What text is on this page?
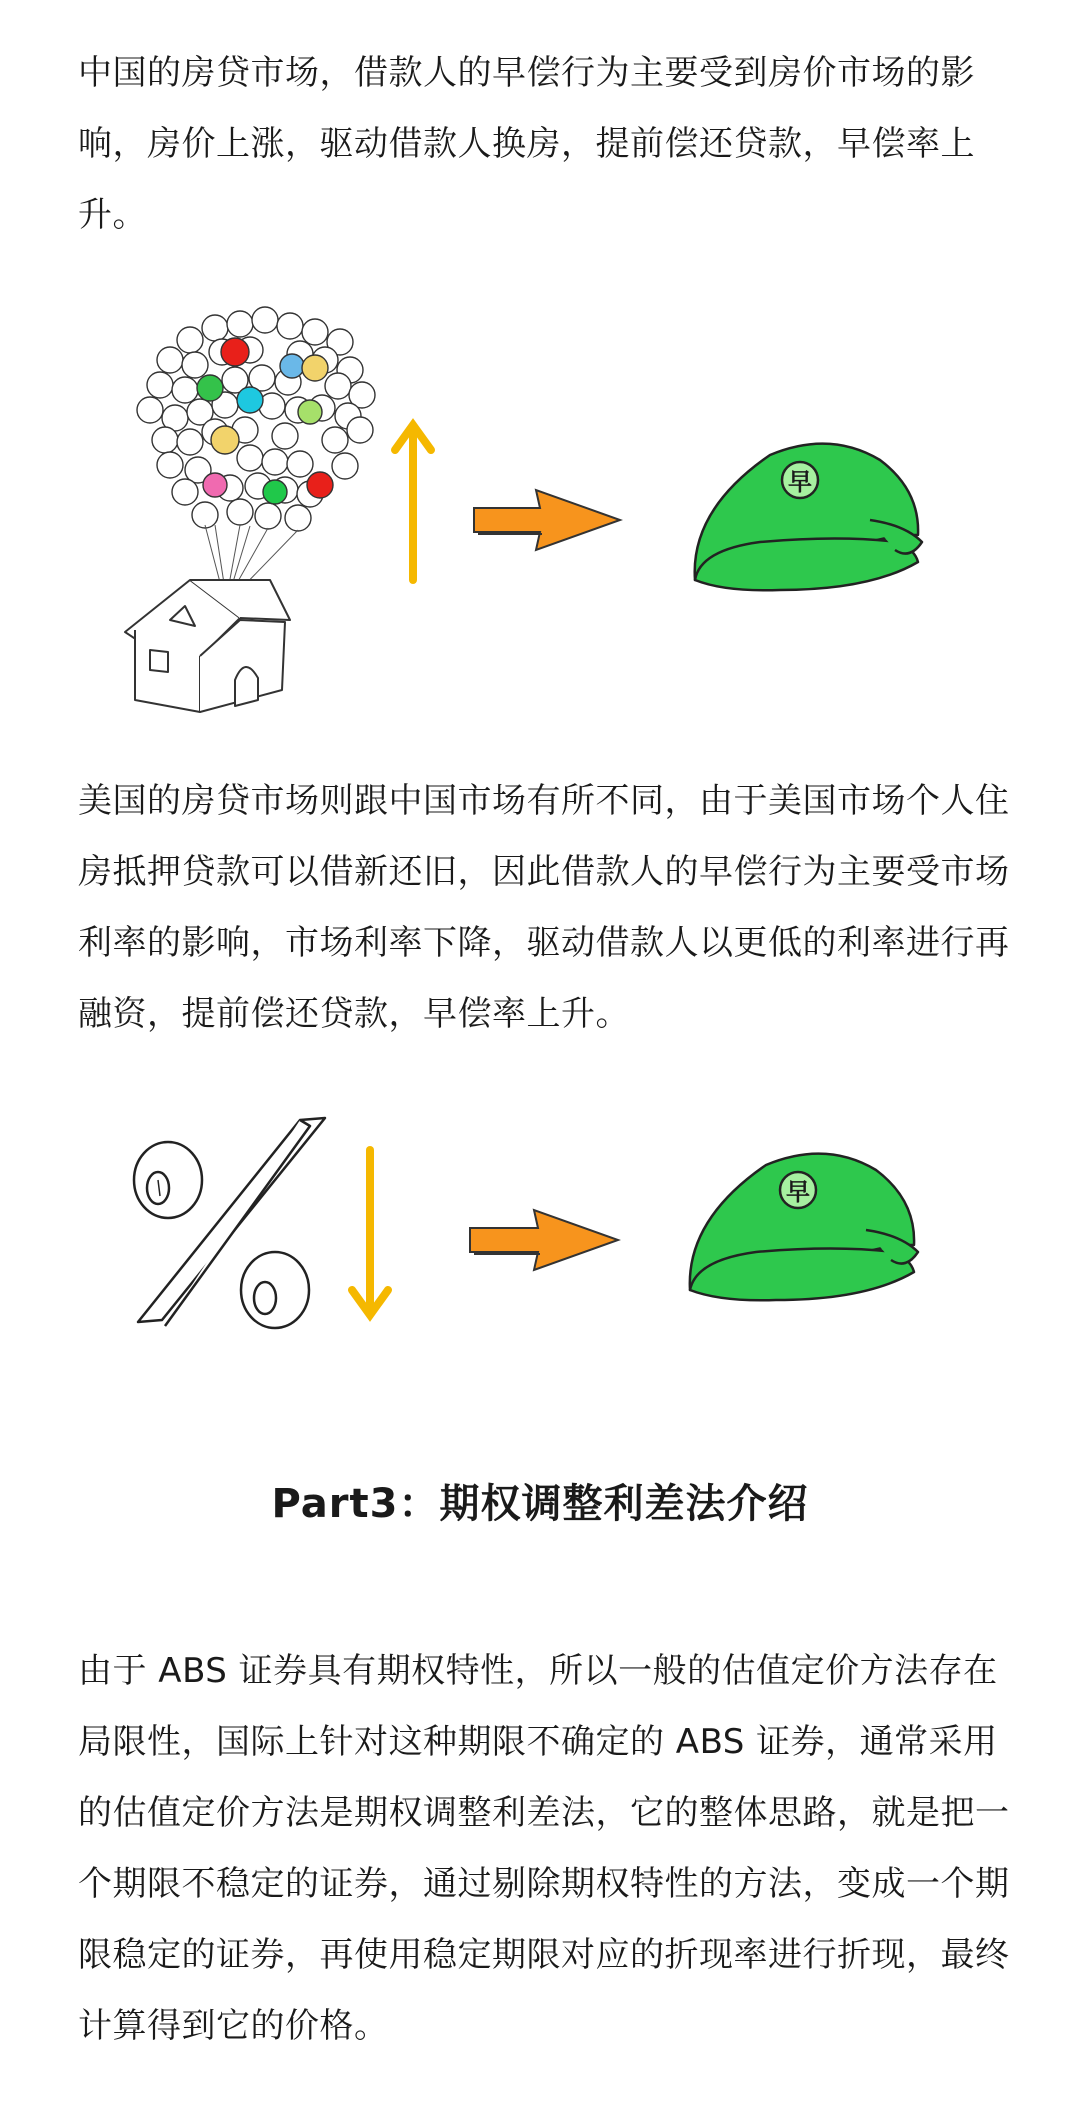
中国的房贷市场，借款人的早偿行为主要受到房价市场的影响，房价上涨，驱动借款人换房，提前偿还贷款，早偿率上升。

早

美国的房贷市场则跟中国市场有所不同，由于美国市场个人住房抵押贷款可以借新还旧，因此借款人的早偿行为主要受市场利率的影响，市场利率下降，驱动借款人以更低的利率进行再融资，提前偿还贷款，早偿率上升。

早
Part3：期权调整利差法介绍

由于 ABS 证券具有期权特性，所以一般的估值定价方法存在局限性，国际上针对这种期限不确定的 ABS 证券，通常采用的估值定价方法是期权调整利差法，它的整体思路，就是把一个期限不稳定的证券，通过剔除期权特性的方法，变成一个期限稳定的证券，再使用稳定期限对应的折现率进行折现，最终计算得到它的价格。
